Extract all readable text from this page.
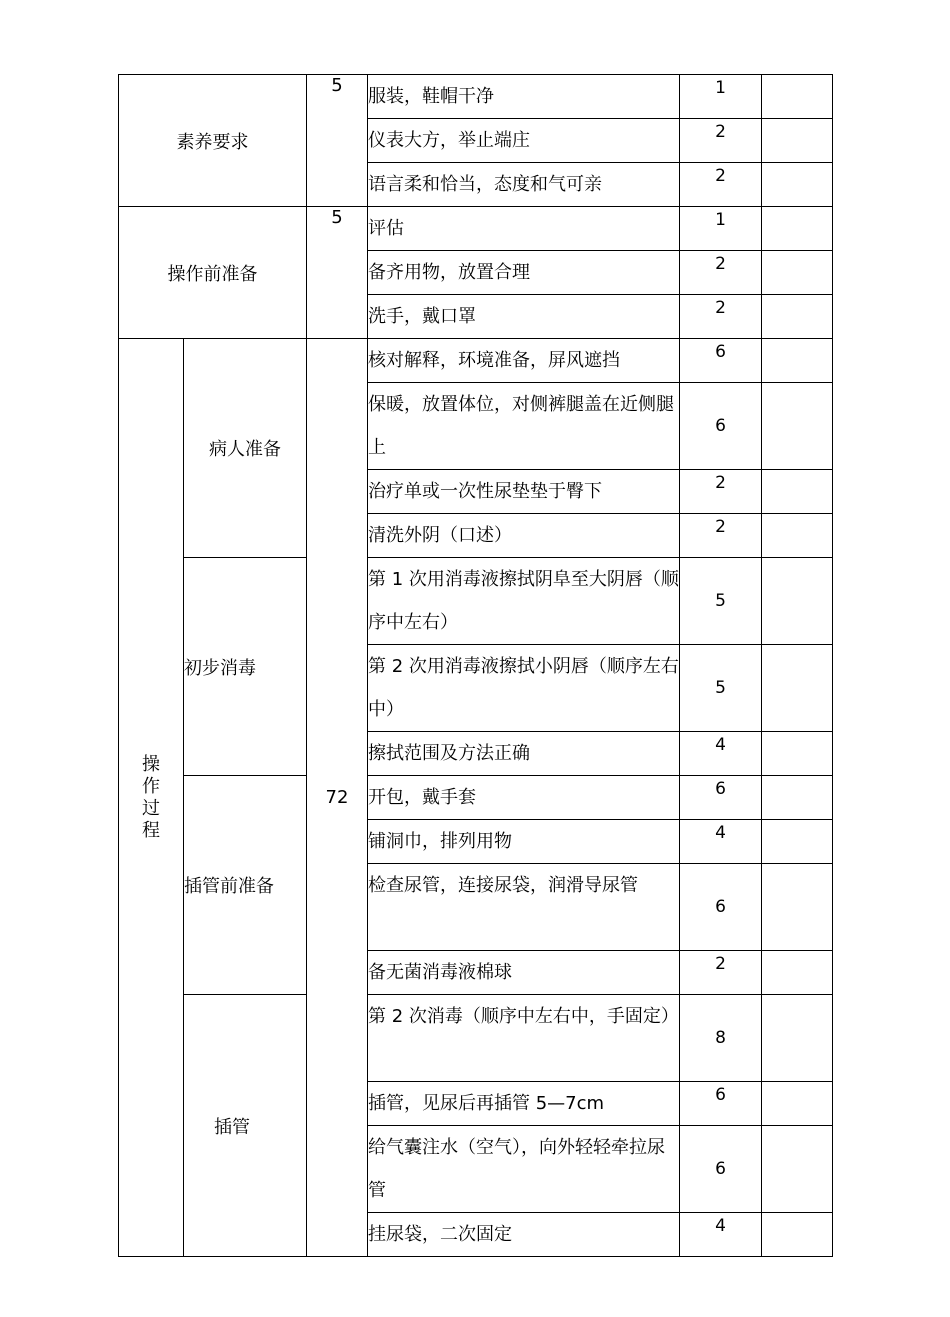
素养要求		5	服装，鞋帽干净	1	
			仪表大方，举止端庄	2	
			语言柔和恰当，态度和气可亲	2	
操作前准备		5	评估	1	
			备齐用物，放置合理	2	
			洗手，戴口罩	2	
操作过程	病人准备	72	核对解释，环境准备，屏风遮挡	6	
			保暖，放置体位，对侧裤腿盖在近侧腿上	6	
			治疗单或一次性尿垫垫于臀下	2	
			清洗外阴（口述）	2	
	初步消毒		第 1 次用消毒液擦拭阴阜至大阴唇（顺序中左右）	5	
			第 2 次用消毒液擦拭小阴唇（顺序左右中）	5	
			擦拭范围及方法正确	4	
	插管前准备		开包，戴手套	6	
			铺洞巾，排列用物	4	
			检查尿管，连接尿袋，润滑导尿管	6	
			备无菌消毒液棉球	2	
	插管		第 2 次消毒（顺序中左右中，手固定）	8	
			插管，见尿后再插管 5—7cm	6	
			给气囊注水（空气），向外轻轻牵拉尿管	6	
			挂尿袋，二次固定	4	
